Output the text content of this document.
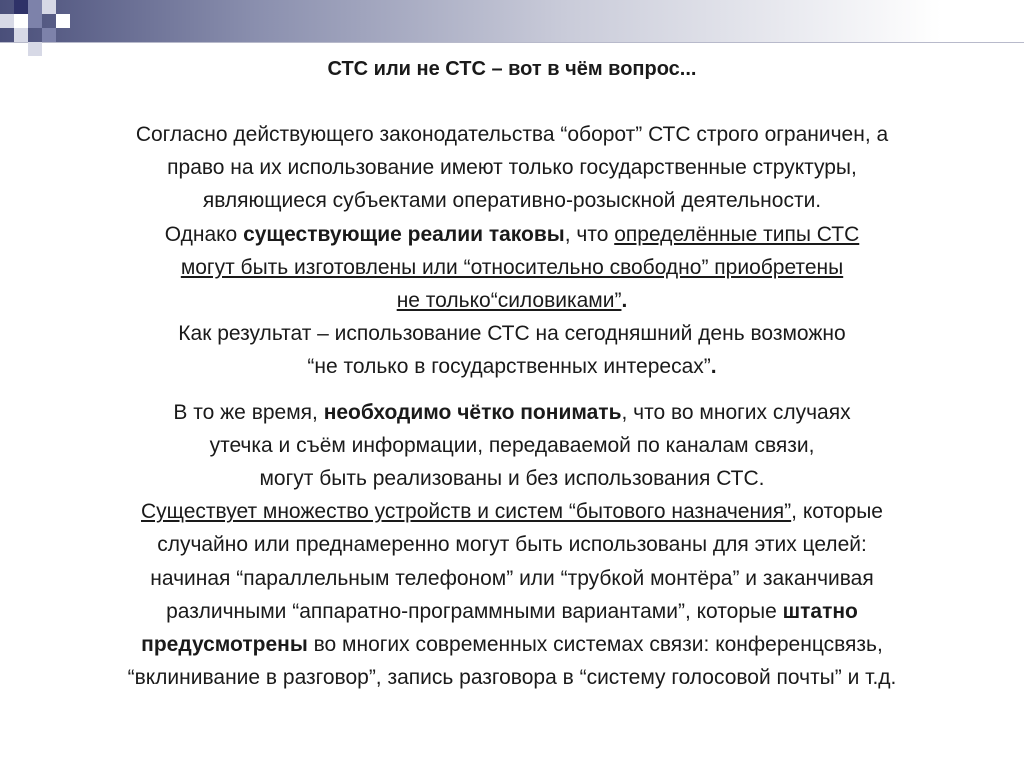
СТС или не СТС – вот в чём вопрос...
Согласно действующего законодательства “оборот” СТС строго ограничен, а
право на их использование имеют только государственные структуры,
являющиеся субъектами оперативно-розыскной деятельности.
Однако существующие реалии таковы, что определённые типы СТС
могут быть изготовлены или “относительно свободно” приобретены
не только“силовиками”.
Как результат – использование СТС на сегодняшний день возможно
“не только в государственных интересах”.
В то же время, необходимо чётко понимать, что во многих случаях
утечка и съём информации, передаваемой по каналам связи,
могут быть реализованы и без использования СТС.
Существует множество устройств и систем “бытового назначения”, которые
случайно или преднамеренно могут быть использованы для этих целей:
начиная “параллельным телефоном” или “трубкой монтёра” и заканчивая
различными “аппаратно-программными вариантами”, которые штатно
предусмотрены во многих современных системах связи: конференцсвязь,
“вклинивание в разговор”, запись разговора в “систему голосовой почты” и т.д.
